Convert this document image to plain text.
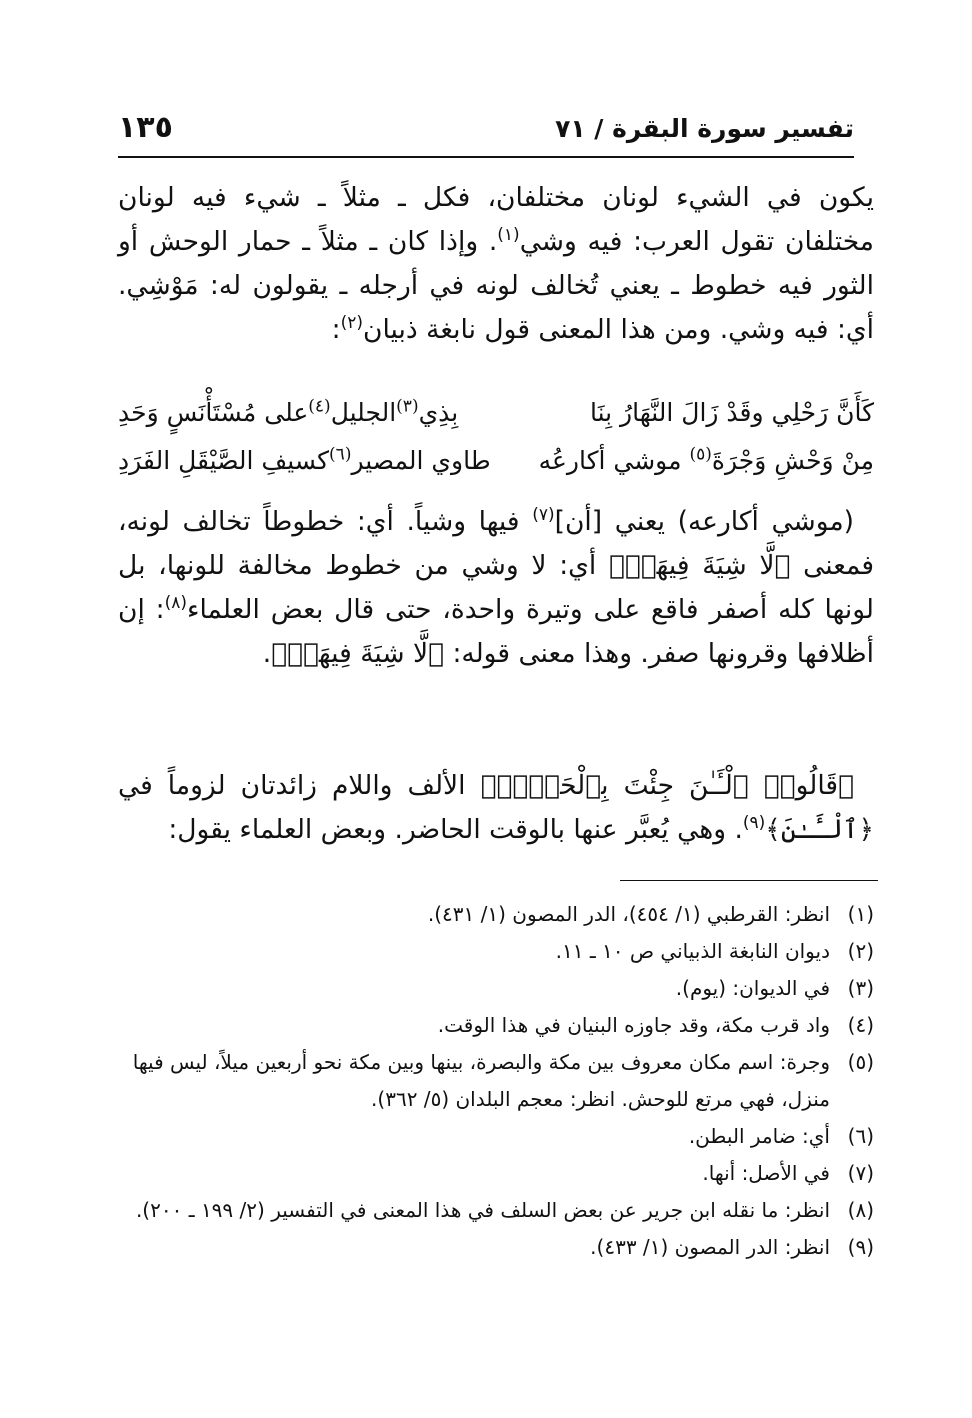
١٣٥	تفسير سورة البقرة / ٧١

يكون في الشيء لونان مختلفان، فكل ـ مثلاً ـ شيء فيه لونان مختلفان تقول العرب: فيه وشي$^{(١)}$. وإذا كان ـ مثلاً ـ حمار الوحش أو الثور فيه خطوط ـ يعني تُخالف لونه في أرجله ـ يقولون له: مَوْشِي. أي: فيه وشي. ومن هذا المعنى قول نابغة ذبيان$^{(٢)}$:

كَأَنَّ رَحْلِي وقَدْ زَالَ النَّهَارُ بِنَا
بِذِي$^{(٣)}$الجليل$^{(٤)}$على مُسْتَأْنَسٍ وَحَدِ
مِنْ وَحْشِ وَجْرَةَ$^{(٥)}$ موشي أكارعُه
طاوي المصير$^{(٦)}$كسيفِ الصَّيْقَلِ الفَرَدِ

(موشي أكارعه) يعني [أن]$^{(٧)}$ فيها وشياً. أي: خطوطاً تخالف لونه، فمعنى ﴿لَّا شِيَةَ فِيهَاۚ﴾ أي: لا وشي من خطوط مخالفة للونها، بل لونها كله أصفر فاقع على وتيرة واحدة، حتى قال بعض العلماء$^{(٨)}$: إن أظلافها وقرونها صفر. وهذا معنى قوله: ﴿لَّا شِيَةَ فِيهَاۚ﴾.

﴿قَالُوا۟ ٱلْـَٔـٰنَ جِئْتَ بِٱلْحَقِّۚ﴾ الألف واللام زائدتان لزوماً في ﴿ٱلْـَٔـٰنَ﴾$^{(٩)}$. وهي يُعبَّر عنها بالوقت الحاضر. وبعض العلماء يقول:

(١)
انظر: القرطبي (١/ ٤٥٤)، الدر المصون (١/ ٤٣١).
(٢)
ديوان النابغة الذبياني ص ١٠ ـ ١١.
(٣)
في الديوان: (يوم).
(٤)
واد قرب مكة، وقد جاوزه البنيان في هذا الوقت.
(٥)
وجرة: اسم مكان معروف بين مكة والبصرة، بينها وبين مكة نحو أربعين ميلاً، ليس فيها منزل، فهي مرتع للوحش. انظر: معجم البلدان (٥/ ٣٦٢).
(٦)
أي: ضامر البطن.
(٧)
في الأصل: أنها.
(٨)
انظر: ما نقله ابن جرير عن بعض السلف في هذا المعنى في التفسير (٢/ ١٩٩ ـ ٢٠٠).
(٩)
انظر: الدر المصون (١/ ٤٣٣).
